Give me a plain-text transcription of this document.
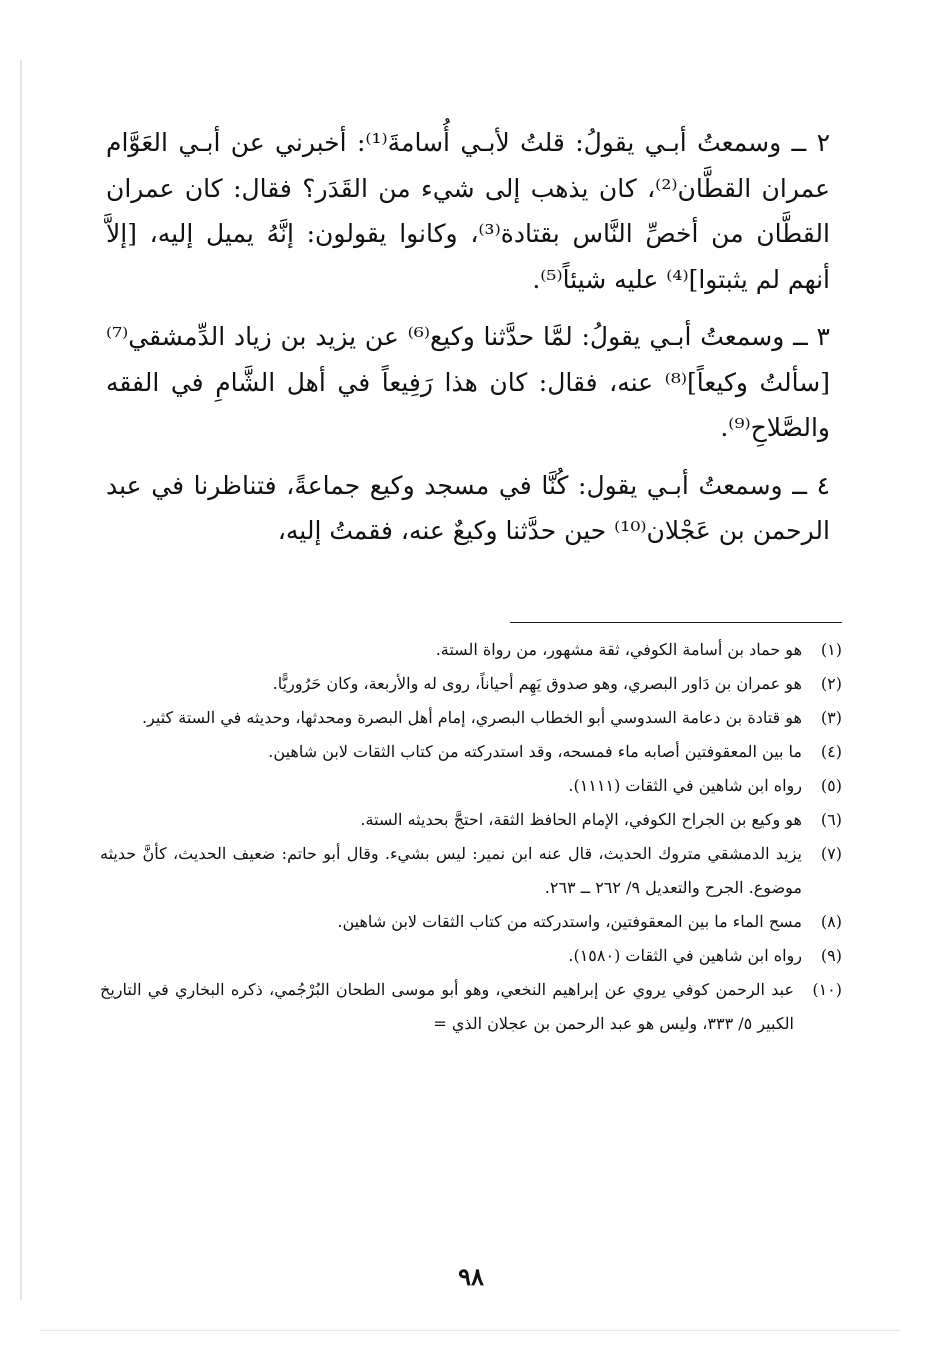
٢ ــ وسمعتُ أبـي يقولُ: قلتُ لأبـي أُسامةَ⁽¹⁾: أخبرني عن أبـي العَوَّام عمران القطَّان⁽²⁾، كان يذهب إلى شيء من القَدَر؟ فقال: كان عمران القطَّان من أخصِّ النَّاس بقتادة⁽³⁾، وكانوا يقولون: إنَّهُ يميل إليه، [إلاَّ أنهم لم يثبتوا]⁽⁴⁾ عليه شيئاً⁽⁵⁾.

٣ ــ وسمعتُ أبـي يقولُ: لمَّا حدَّثنا وكيع⁽⁶⁾ عن يزيد بن زياد الدِّمشقي⁽⁷⁾ [سألتُ وكيعاً]⁽⁸⁾ عنه، فقال: كان هذا رَفِيعاً في أهل الشَّامِ في الفقه والصَّلاحِ⁽⁹⁾.

٤ ــ وسمعتُ أبـي يقول: كُنَّا في مسجد وكيع جماعةً، فتناظرنا في عبد الرحمن بن عَجْلان⁽¹⁰⁾ حين حدَّثنا وكيعٌ عنه، فقمتُ إليه،

(١)
هو حماد بن أسامة الكوفي، ثقة مشهور، من رواة الستة.
(٢)
هو عمران بن دَاور البصري، وهو صدوق يَهِم أحياناً، روى له والأربعة، وكان حَرُوريًّا.
(٣)
هو قتادة بن دعامة السدوسي أبو الخطاب البصري، إمام أهل البصرة ومحدثها، وحديثه في الستة كثير.
(٤)
ما بين المعقوفتين أصابه ماء فمسحه، وقد استدركته من كتاب الثقات لابن شاهين.
(٥)
رواه ابن شاهين في الثقات (١١١١).
(٦)
هو وكيع بن الجراح الكوفي، الإمام الحافظ الثقة، احتجَّ بحديثه الستة.
(٧)
يزيد الدمشقي متروك الحديث، قال عنه ابن نمير: ليس بشيء. وقال أبو حاتم: ضعيف الحديث، كأنَّ حديثه موضوع. الجرح والتعديل ٩/ ٢٦٢ ــ ٢٦٣.
(٨)
مسح الماء ما بين المعقوفتين، واستدركته من كتاب الثقات لابن شاهين.
(٩)
رواه ابن شاهين في الثقات (١٥٨٠).
(١٠)
عبد الرحمن كوفي يروي عن إبراهيم النخعي، وهو أبو موسى الطحان البُرْجُمي، ذكره البخاري في التاريخ الكبير ٥/ ٣٣٣، وليس هو عبد الرحمن بن عجلان الذي =
٩٨
